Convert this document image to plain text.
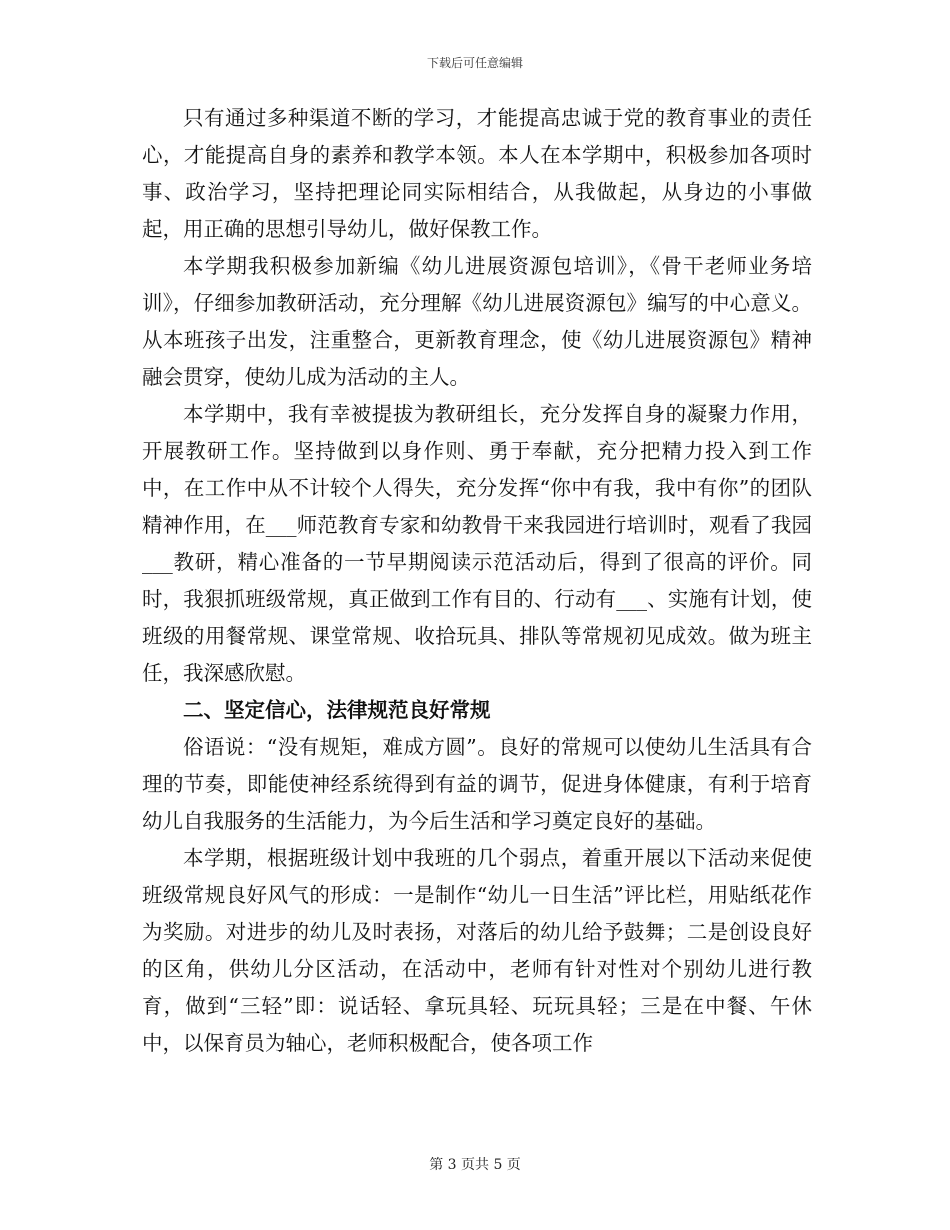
下载后可任意编辑

只有通过多种渠道不断的学习，才能提高忠诚于党的教育事业的责任心，才能提高自身的素养和教学本领。本人在本学期中，积极参加各项时事、政治学习，坚持把理论同实际相结合，从我做起，从身边的小事做起，用正确的思想引导幼儿，做好保教工作。

本学期我积极参加新编《幼儿进展资源包培训》，《骨干老师业务培训》，仔细参加教研活动，充分理解《幼儿进展资源包》编写的中心意义。从本班孩子出发，注重整合，更新教育理念，使《幼儿进展资源包》精神融会贯穿，使幼儿成为活动的主人。

本学期中，我有幸被提拔为教研组长，充分发挥自身的凝聚力作用，开展教研工作。坚持做到以身作则、勇于奉献，充分把精力投入到工作中，在工作中从不计较个人得失，充分发挥“你中有我，我中有你”的团队精神作用，在___师范教育专家和幼教骨干来我园进行培训时，观看了我园___教研，精心准备的一节早期阅读示范活动后，得到了很高的评价。同时，我狠抓班级常规，真正做到工作有目的、行动有___、实施有计划，使班级的用餐常规、课堂常规、收拾玩具、排队等常规初见成效。做为班主任，我深感欣慰。

二、坚定信心，法律规范良好常规

俗语说：“没有规矩，难成方圆”。良好的常规可以使幼儿生活具有合理的节奏，即能使神经系统得到有益的调节，促进身体健康，有利于培育幼儿自我服务的生活能力，为今后生活和学习奠定良好的基础。

本学期，根据班级计划中我班的几个弱点，着重开展以下活动来促使班级常规良好风气的形成：一是制作“幼儿一日生活”评比栏，用贴纸花作为奖励。对进步的幼儿及时表扬，对落后的幼儿给予鼓舞；二是创设良好的区角，供幼儿分区活动，在活动中，老师有针对性对个别幼儿进行教育，做到“三轻”即：说话轻、拿玩具轻、玩玩具轻；三是在中餐、午休中，以保育员为轴心，老师积极配合，使各项工作

第 3 页共 5 页
